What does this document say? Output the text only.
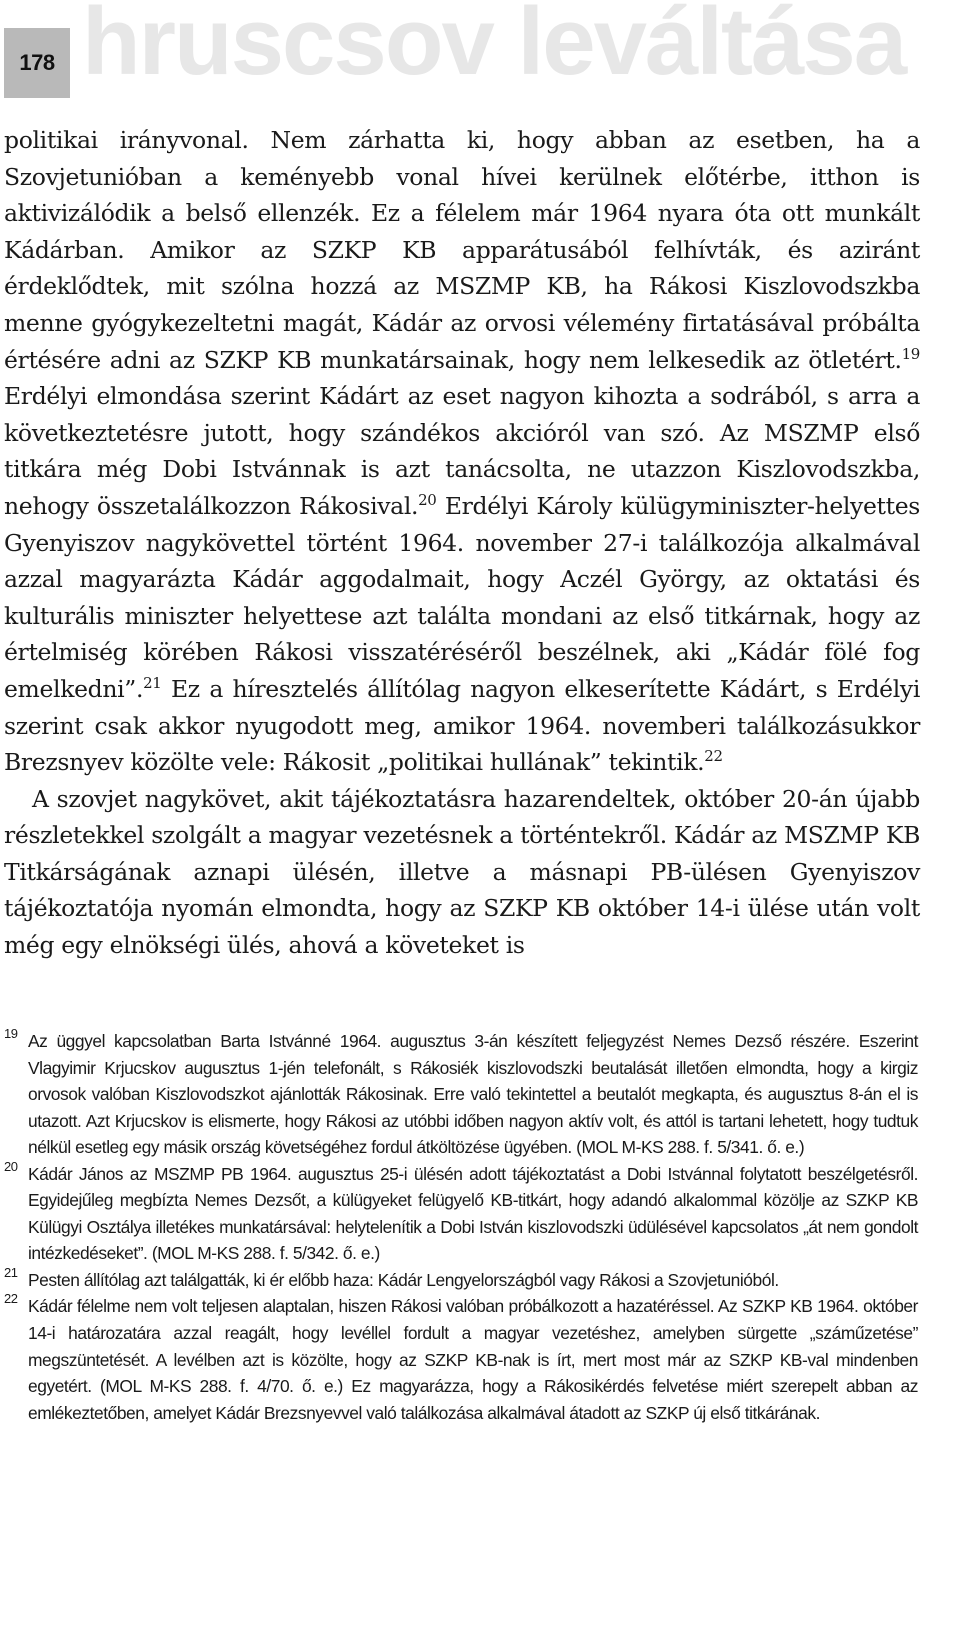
178 hruscsov leváltása

politikai irányvonal. Nem zárhatta ki, hogy abban az esetben, ha a Szovjetunióban a keményebb vonal hívei kerülnek előtérbe, itthon is aktivizálódik a belső ellenzék. Ez a félelem már 1964 nyara óta ott munkált Kádárban. Amikor az SZKP KB apparátusából felhívták, és aziránt érdeklődtek, mit szólna hozzá az MSZMP KB, ha Rákosi Kiszlovodszkba menne gyógykezeltetni magát, Kádár az orvosi vélemény firtatásával próbálta értésére adni az SZKP KB munkatársainak, hogy nem lelkesedik az ötletért.$^{19}$ Erdélyi elmondása szerint Kádárt az eset nagyon kihozta a sodrából, s arra a következtetésre jutott, hogy szándékos akcióról van szó. Az MSZMP első titkára még Dobi Istvánnak is azt tanácsolta, ne utazzon Kiszlovodszkba, nehogy összetalálkozzon Rákosival.$^{20}$ Erdélyi Károly külügyminiszter-helyettes Gyenyiszov nagykövettel történt 1964. november 27-i találkozója alkalmával azzal magyarázta Kádár aggodalmait, hogy Aczél György, az oktatási és kulturális miniszter helyettese azt találta mondani az első titkárnak, hogy az értelmiség körében Rákosi visszatéréséről beszélnek, aki „Kádár fölé fog emelkedni”.$^{21}$ Ez a híresztelés állítólag nagyon elkeserítette Kádárt, s Erdélyi szerint csak akkor nyugodott meg, amikor 1964. novemberi találkozásukkor Brezsnyev közölte vele: Rákosit „politikai hullának” tekintik.$^{22}$

A szovjet nagykövet, akit tájékoztatásra hazarendeltek, október 20-án újabb részletekkel szolgált a magyar vezetésnek a történtekről. Kádár az MSZMP KB Titkárságának aznapi ülésén, illetve a másnapi PB-ülésen Gyenyiszov tájékoztatója nyomán elmondta, hogy az SZKP KB október 14-i ülése után volt még egy elnökségi ülés, ahová a követeket is

19 Az üggyel kapcsolatban Barta Istvánné 1964. augusztus 3-án készített feljegyzést Nemes Dezső részére. Eszerint Vlagyimir Krjucskov augusztus 1-jén telefonált, s Rákosiék kiszlovodszki beutalását illetően elmondta, hogy a kirgiz orvosok valóban Kiszlovodszkot ajánlották Rákosinak. Erre való tekintettel a beutalót megkapta, és augusztus 8-án el is utazott. Azt Krjucskov is elismerte, hogy Rákosi az utóbbi időben nagyon aktív volt, és attól is tartani lehetett, hogy tudtuk nélkül esetleg egy másik ország követségéhez fordul átköltözése ügyében. (MOL M-KS 288. f. 5/341. ő. e.)
20 Kádár János az MSZMP PB 1964. augusztus 25-i ülésén adott tájékoztatást a Dobi Istvánnal folytatott beszélgetésről. Egyidejűleg megbízta Nemes Dezsőt, a külügyeket felügyelő KB-titkárt, hogy adandó alkalommal közölje az SZKP KB Külügyi Osztálya illetékes munkatársával: helytelenítik a Dobi István kiszlovodszki üdülésével kapcsolatos „át nem gondolt intézkedéseket”. (MOL M-KS 288. f. 5/342. ő. e.)
21 Pesten állítólag azt találgatták, ki ér előbb haza: Kádár Lengyelországból vagy Rákosi a Szovjetunióból.
22 Kádár félelme nem volt teljesen alaptalan, hiszen Rákosi valóban próbálkozott a hazatéréssel. Az SZKP KB 1964. október 14-i határozatára azzal reagált, hogy levéllel fordult a magyar vezetéshez, amelyben sürgette „száműzetése” megszüntetését. A levélben azt is közölte, hogy az SZKP KB-nak is írt, mert most már az SZKP KB-val mindenben egyetért. (MOL M-KS 288. f. 4/70. ő. e.) Ez magyarázza, hogy a Rákosikérdés felvetése miért szerepelt abban az emlékeztetőben, amelyet Kádár Brezsnyevvel való találkozása alkalmával átadott az SZKP új első titkárának.
